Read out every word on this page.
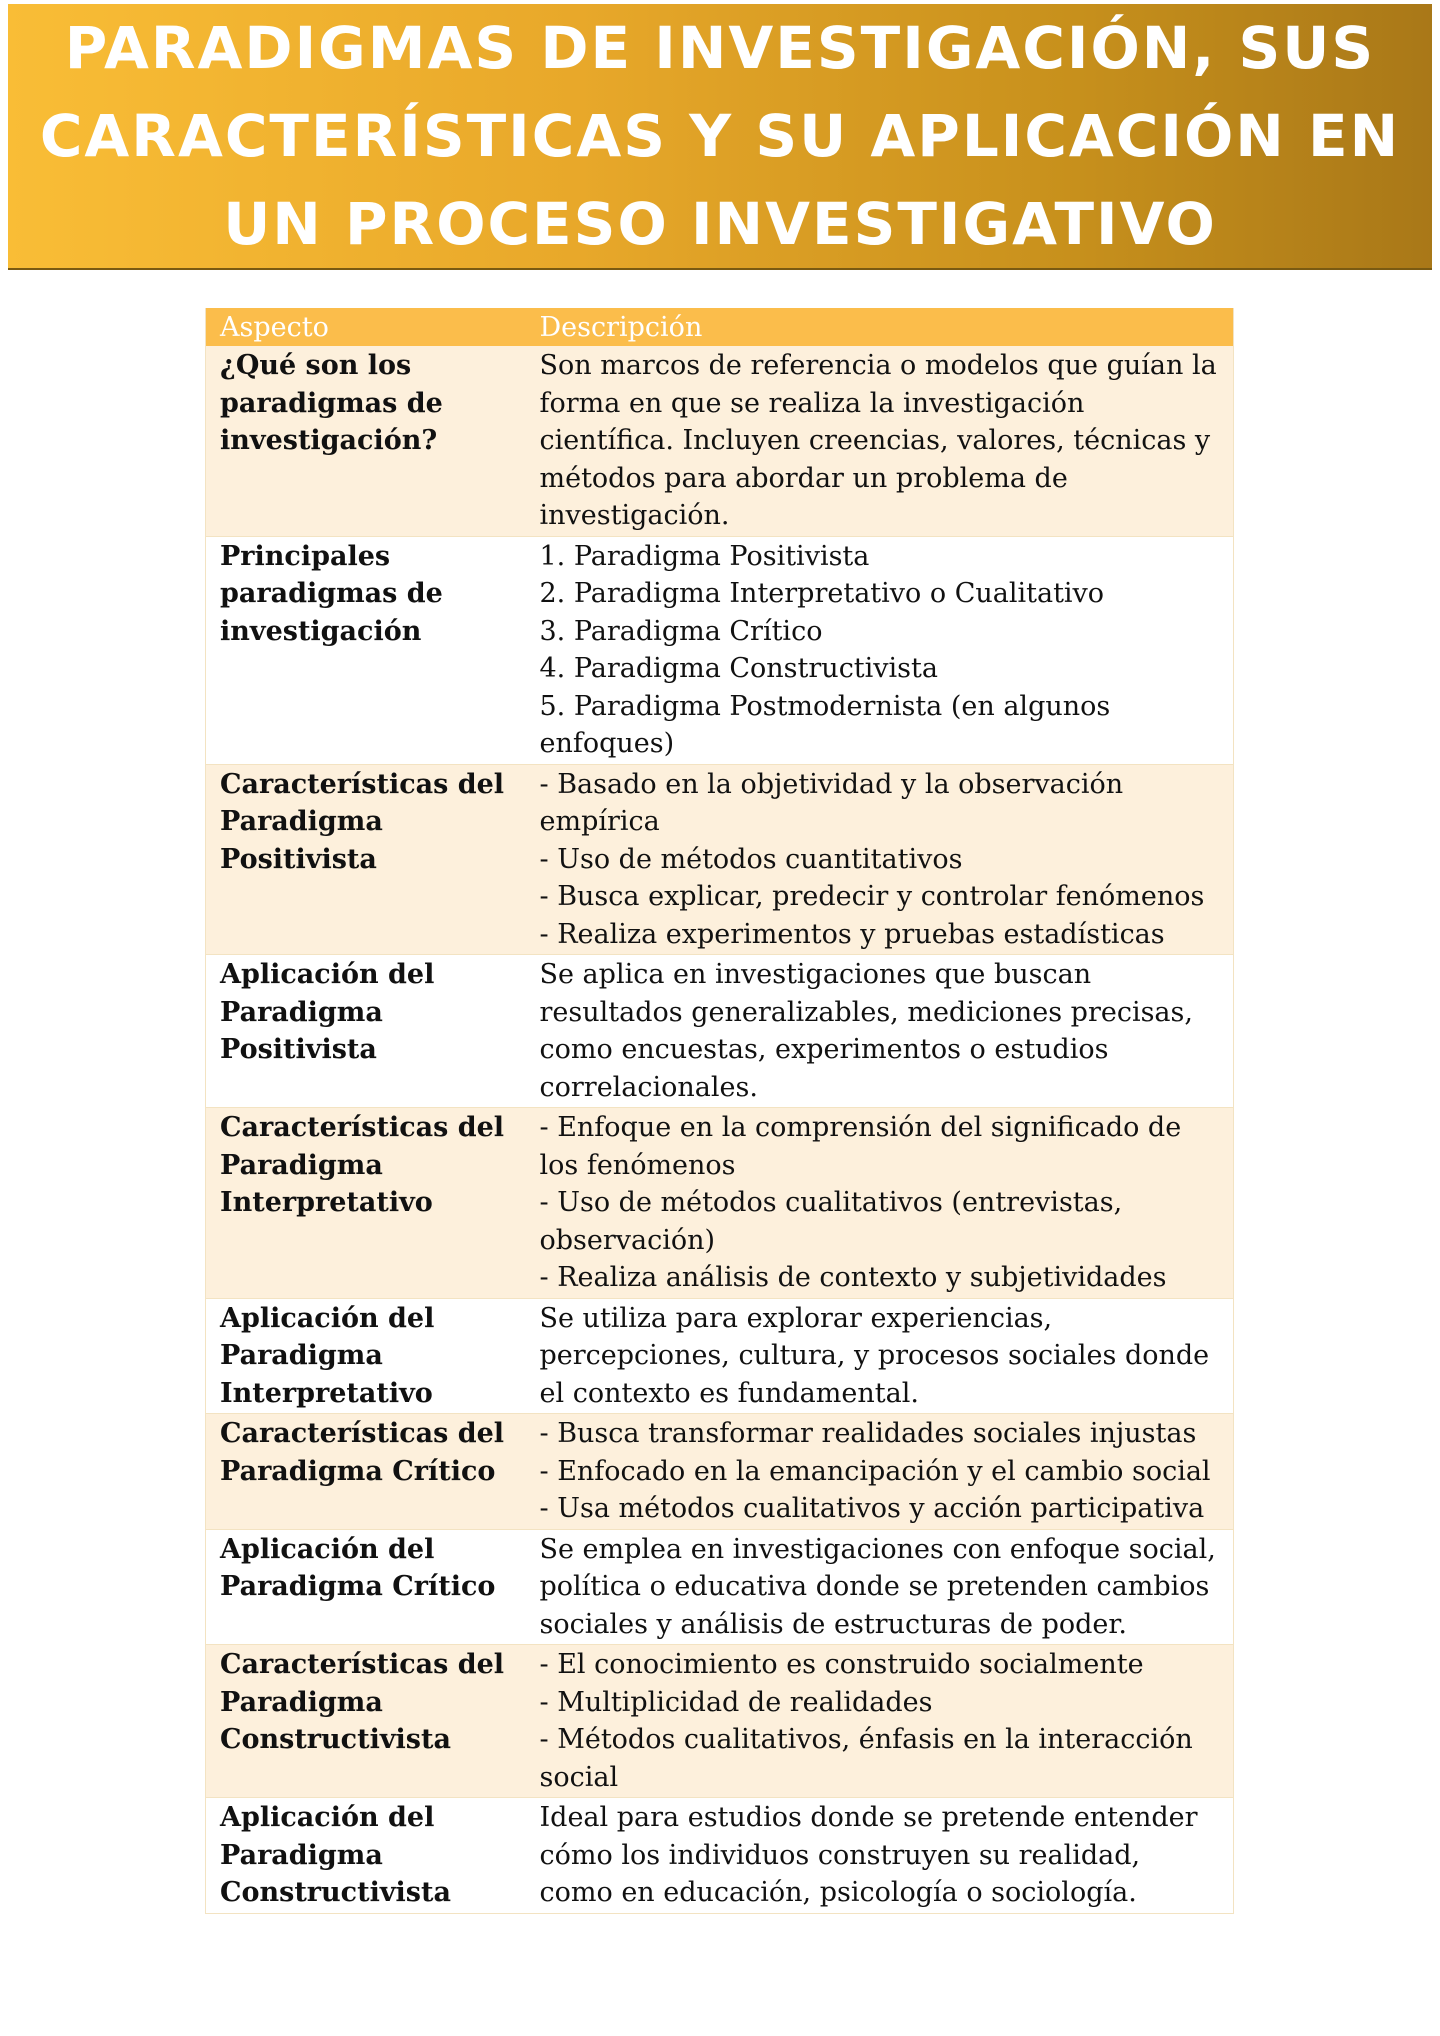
PARADIGMAS DE INVESTIGACIÓN, SUS CARACTERÍSTICAS Y SU APLICACIÓN EN UN PROCESO INVESTIGATIVO
Aspecto	Descripción
¿Qué son los paradigmas de investigación?	Son marcos de referencia o modelos que guían la forma en que se realiza la investigación científica. Incluyen creencias, valores, técnicas y métodos para abordar un problema de investigación.
Principales paradigmas de investigación	1. Paradigma Positivista
2. Paradigma Interpretativo o Cualitativo
3. Paradigma Crítico
4. Paradigma Constructivista
5. Paradigma Postmodernista (en algunos enfoques)
Características del Paradigma Positivista	- Basado en la objetividad y la observación empírica
- Uso de métodos cuantitativos
- Busca explicar, predecir y controlar fenómenos
- Realiza experimentos y pruebas estadísticas
Aplicación del Paradigma Positivista	Se aplica en investigaciones que buscan resultados generalizables, mediciones precisas, como encuestas, experimentos o estudios correlacionales.
Características del Paradigma Interpretativo	- Enfoque en la comprensión del significado de los fenómenos
- Uso de métodos cualitativos (entrevistas, observación)
- Realiza análisis de contexto y subjetividades
Aplicación del Paradigma Interpretativo	Se utiliza para explorar experiencias, percepciones, cultura, y procesos sociales donde el contexto es fundamental.
Características del Paradigma Crítico	- Busca transformar realidades sociales injustas
- Enfocado en la emancipación y el cambio social
- Usa métodos cualitativos y acción participativa
Aplicación del Paradigma Crítico	Se emplea en investigaciones con enfoque social, política o educativa donde se pretenden cambios sociales y análisis de estructuras de poder.
Características del Paradigma Constructivista	- El conocimiento es construido socialmente
- Multiplicidad de realidades
- Métodos cualitativos, énfasis en la interacción social
Aplicación del Paradigma Constructivista	Ideal para estudios donde se pretende entender cómo los individuos construyen su realidad, como en educación, psicología o sociología.
